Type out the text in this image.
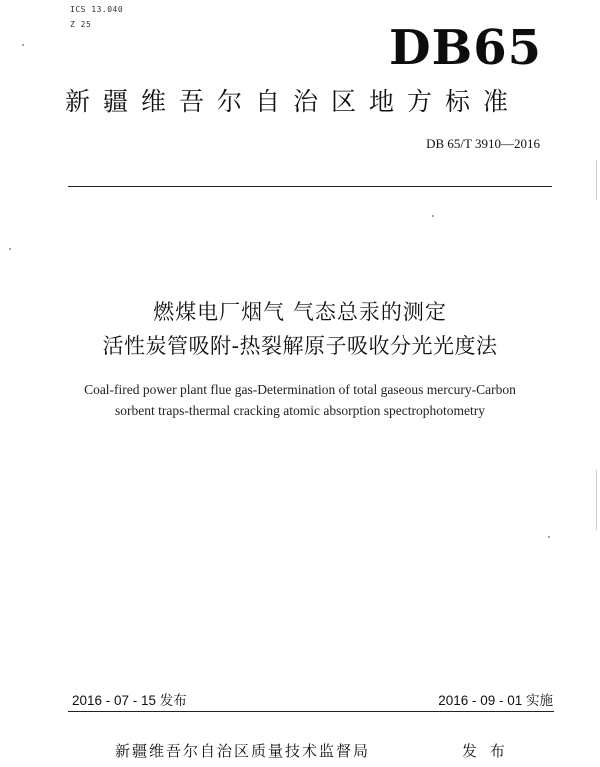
ICS 13.040

Z 25	DB65
新疆维吾尔自治区地方标准
DB 65/T 3910—2016
燃煤电厂烟气 气态总汞的测定
活性炭管吸附-热裂解原子吸收分光光度法
Coal-fired power plant flue gas-Determination of total gaseous mercury-Carbon
sorbent traps-thermal cracking atomic absorption spectrophotometry
2016 - 07 - 15 发布	2016 - 09 - 01 实施
新疆维吾尔自治区质量技术监督局	发 布
